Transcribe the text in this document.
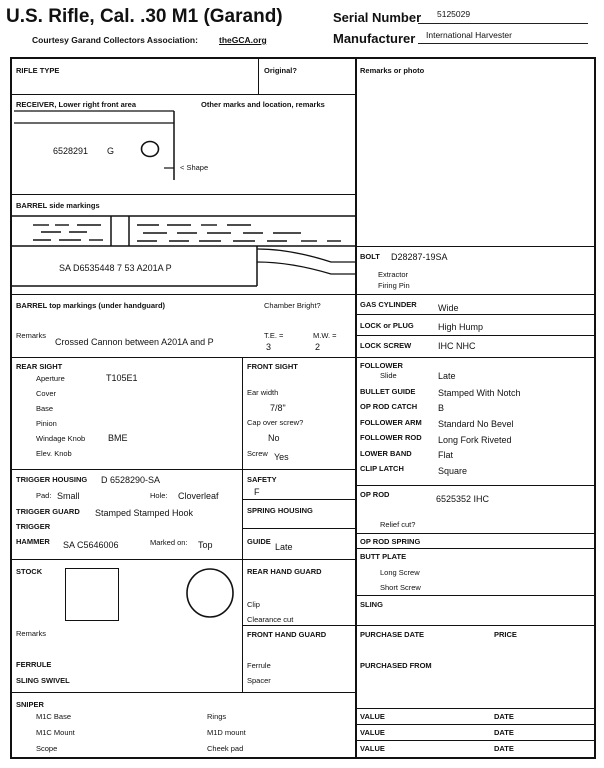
U.S. Rifle, Cal. .30 M1 (Garand)
Courtesy Garand Collectors Association: theGCA.org
Serial Number 5125029
Manufacturer International Harvester
RIFLE TYPE	Original?	Remarks or photo
RECEIVER, Lower right front area	Other marks and location, remarks
6528291 G
< Shape
BARREL side markings
SA D6535448 7 53 A201A P
BOLT D28287-19SA
Extractor
Firing Pin
BARREL top markings (under handguard)	Chamber Bright?
Remarks
Crossed Cannon between A201A and P
T.E. =
3
M.W. =
2
GAS CYLINDER Wide
LOCK or PLUG	High Hump
LOCK SCREW	IHC NHC
REAR SIGHT
Aperture	T105E1
Cover
Base
Pinion
Windage Knob	BME
Elev. Knob
FRONT SIGHT
Ear width
7/8"
Cap over screw?
No
Screw Yes
FOLLOWER
Slide	Late
BULLET GUIDE	Stamped With Notch
OP ROD CATCH B
FOLLOWER ARM Standard No Bevel
FOLLOWER ROD Long Fork Riveted
LOWER BAND	Flat
CLIP LATCH	Square
TRIGGER HOUSING D 6528290-SA
Pad: Small	Hole: Cloverleaf
TRIGGER GUARD Stamped Stamped Hook
TRIGGER
HAMMER SA C5646006	Marked on: Top
SAFETY
F
SPRING HOUSING
GUIDE
Late
OP ROD	6525352 IHC
Relief cut?
OP ROD SPRING
BUTT PLATE
Long Screw
Short Screw
STOCK
Remarks
FERRULE
SLING SWIVEL
REAR HAND GUARD
Clip
Clearance cut
FRONT HAND GUARD
Ferrule
Spacer
SLING
PURCHASE DATE	PRICE
PURCHASED FROM
SNIPER
M1C Base
M1C Mount
Scope
Rings
M1D mount
Cheek pad
VALUE	DATE
VALUE	DATE
VALUE	DATE
